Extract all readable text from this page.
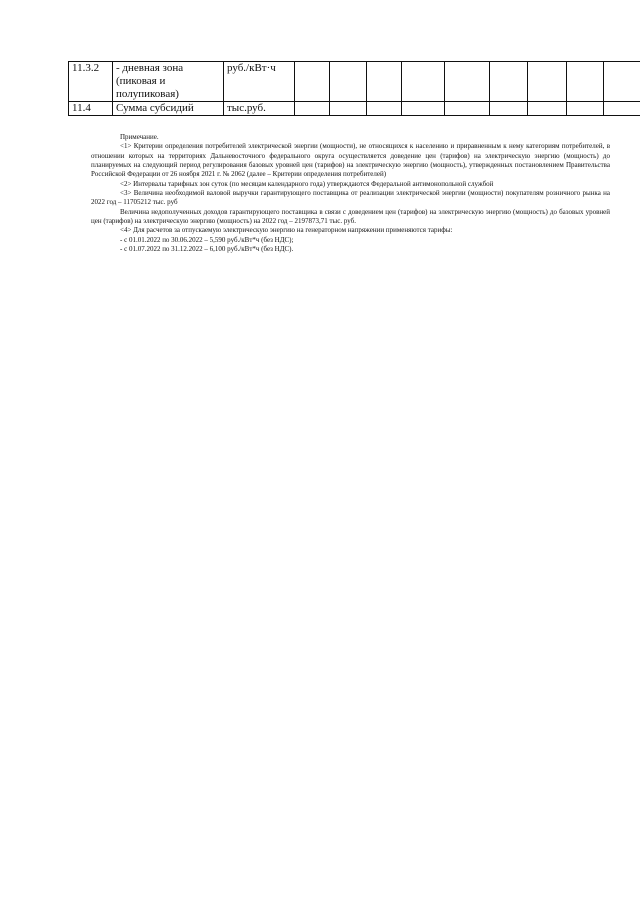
11.3.2	- дневная зона (пиковая и полупиковая)	руб./кВт·ч									
11.4	Сумма субсидий	тыс.руб.									

Примечание.

<1> Критерии определения потребителей электрической энергии (мощности), не относящихся к населению и приравненным к нему категориям потребителей, в отношении которых на территориях Дальневосточного федерального округа осуществляется доведение цен (тарифов) на электрическую энергию (мощность) до планируемых на следующий период регулирования базовых уровней цен (тарифов) на электрическую энергию (мощность), утвержденных постановлением Правительства Российской Федерации от 26 ноября 2021 г. № 2062 (далее – Критерии определения потребителей)

<2> Интервалы тарифных зон суток (по месяцам календарного года) утверждаются Федеральной антимонопольной службой

<3> Величина необходимой валовой выручки гарантирующего поставщика от реализации электрической энергии (мощности) покупателям розничного рынка на 2022 год – 11705212 тыс. руб

Величина недополученных доходов гарантирующего поставщика в связи с доведением цен (тарифов) на электрическую энергию (мощность) до базовых уровней цен (тарифов) на электрическую энергию (мощность) на 2022 год – 2197873,71 тыс. руб.

<4> Для расчетов за отпускаемую электрическую энергию на генераторном напряжении применяются тарифы:

- с 01.01.2022 по 30.06.2022 – 5,590 руб./кВт*ч (без НДС);

- с 01.07.2022 по 31.12.2022 – 6,100 руб./кВт*ч (без НДС).
